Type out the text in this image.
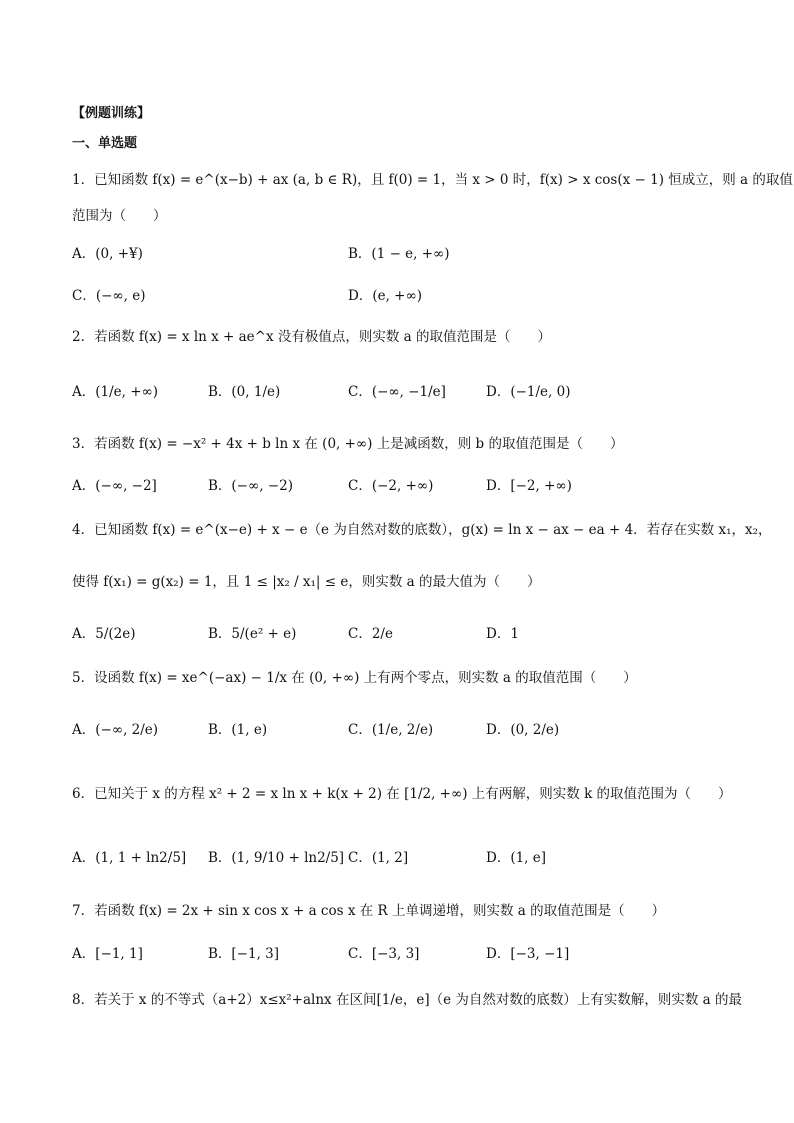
【例题训练】
一、单选题
1．已知函数 f(x) = e^(x−b) + ax (a, b ∈ R)，且 f(0) = 1，当 x > 0 时，f(x) > x cos(x − 1) 恒成立，则 a 的取值
范围为（　　）
A．(0, +¥)	B．(1 − e, +∞)
C．(−∞, e)	D．(e, +∞)
2．若函数 f(x) = x ln x + ae^x 没有极值点，则实数 a 的取值范围是（　　）
A．(1/e, +∞)	B．(0, 1/e)	C．(−∞, −1/e]	D．(−1/e, 0)
3．若函数 f(x) = −x² + 4x + b ln x 在 (0, +∞) 上是减函数，则 b 的取值范围是（　　）
A．(−∞, −2]	B．(−∞, −2)	C．(−2, +∞)	D．[−2, +∞)
4．已知函数 f(x) = e^(x−e) + x − e（e 为自然对数的底数），g(x) = ln x − ax − ea + 4．若存在实数 x₁，x₂，
使得 f(x₁) = g(x₂) = 1，且 1 ≤ |x₂ / x₁| ≤ e，则实数 a 的最大值为（　　）
A．5/(2e)	B．5/(e² + e)	C．2/e	D．1
5．设函数 f(x) = xe^(−ax) − 1/x 在 (0, +∞) 上有两个零点，则实数 a 的取值范围（　　）
A．(−∞, 2/e)	B．(1, e)	C．(1/e, 2/e)	D．(0, 2/e)
6．已知关于 x 的方程 x² + 2 = x ln x + k(x + 2) 在 [1/2, +∞) 上有两解，则实数 k 的取值范围为（　　）
A．(1, 1 + ln2/5] B．(1, 9/10 + ln2/5] C．(1, 2]	D．(1, e]
7．若函数 f(x) = 2x + sin x cos x + a cos x 在 R 上单调递增，则实数 a 的取值范围是（　　）
A．[−1, 1]	B．[−1, 3]	C．[−3, 3]	D．[−3, −1]
8．若关于 x 的不等式（a+2）x≤x²+alnx 在区间[1/e，e]（e 为自然对数的底数）上有实数解，则实数 a 的最
